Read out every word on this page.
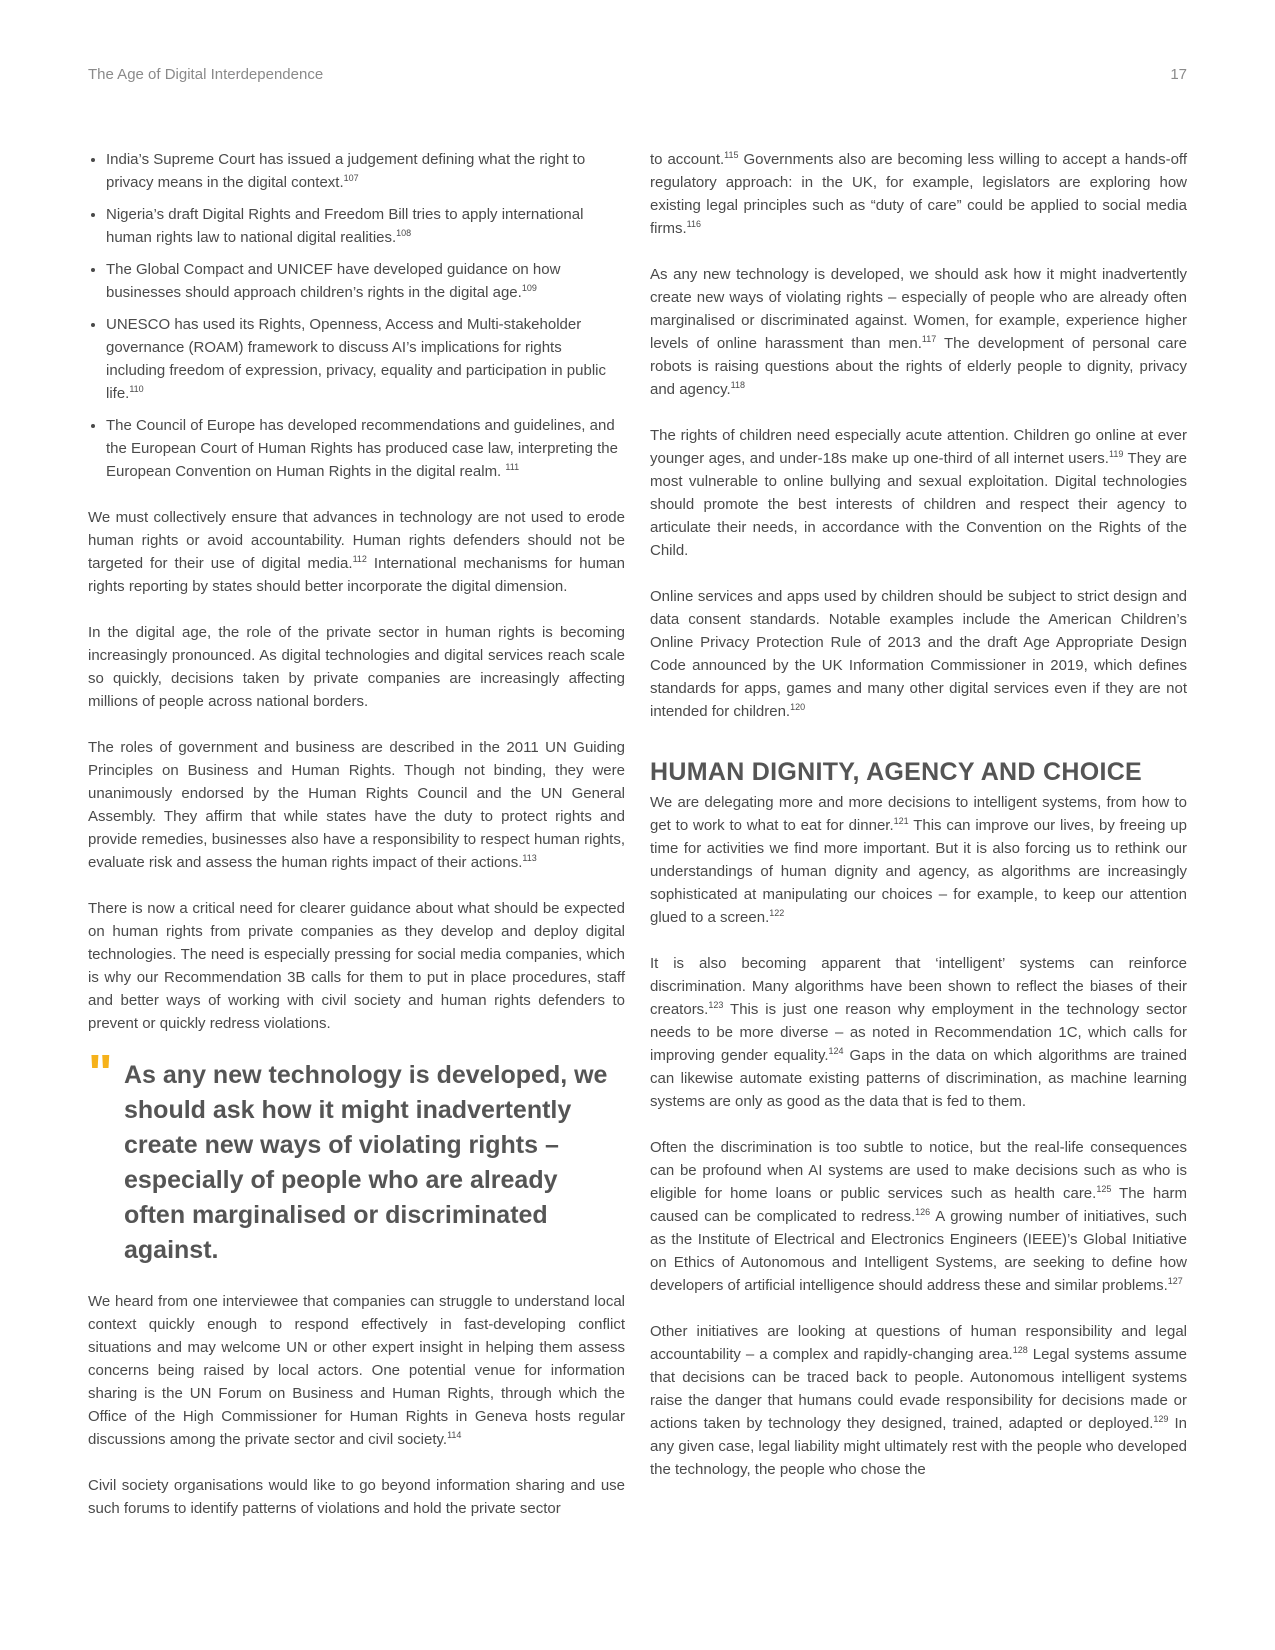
The Age of Digital Interdependence	17
• India’s Supreme Court has issued a judgement defining what the right to privacy means in the digital context.$^{107}$
• Nigeria’s draft Digital Rights and Freedom Bill tries to apply international human rights law to national digital realities.$^{108}$
• The Global Compact and UNICEF have developed guidance on how businesses should approach children’s rights in the digital age.$^{109}$
• UNESCO has used its Rights, Openness, Access and Multi-stakeholder governance (ROAM) framework to discuss AI’s implications for rights including freedom of expression, privacy, equality and participation in public life.$^{110}$
• The Council of Europe has developed recommendations and guidelines, and the European Court of Human Rights has produced case law, interpreting the European Convention on Human Rights in the digital realm. $^{111}$

We must collectively ensure that advances in technology are not used to erode human rights or avoid accountability. Human rights defenders should not be targeted for their use of digital media.$^{112}$ International mechanisms for human rights reporting by states should better incorporate the digital dimension.

In the digital age, the role of the private sector in human rights is becoming increasingly pronounced. As digital technologies and digital services reach scale so quickly, decisions taken by private companies are increasingly affecting millions of people across national borders.

The roles of government and business are described in the 2011 UN Guiding Principles on Business and Human Rights. Though not binding, they were unanimously endorsed by the Human Rights Council and the UN General Assembly. They affirm that while states have the duty to protect rights and provide remedies, businesses also have a responsibility to respect human rights, evaluate risk and assess the human rights impact of their actions.$^{113}$

There is now a critical need for clearer guidance about what should be expected on human rights from private companies as they develop and deploy digital technologies. The need is especially pressing for social media companies, which is why our Recommendation 3B calls for them to put in place procedures, staff and better ways of working with civil society and human rights defenders to prevent or quickly redress violations.

" As any new technology is developed, we should ask how it might inadvertently create new ways of violating rights – especially of people who are already often marginalised or discriminated against.

We heard from one interviewee that companies can struggle to understand local context quickly enough to respond effectively in fast-developing conflict situations and may welcome UN or other expert insight in helping them assess concerns being raised by local actors. One potential venue for information sharing is the UN Forum on Business and Human Rights, through which the Office of the High Commissioner for Human Rights in Geneva hosts regular discussions among the private sector and civil society.$^{114}$

Civil society organisations would like to go beyond information sharing and use such forums to identify patterns of violations and hold the private sector

to account.$^{115}$ Governments also are becoming less willing to accept a hands-off regulatory approach: in the UK, for example, legislators are exploring how existing legal principles such as “duty of care” could be applied to social media firms.$^{116}$

As any new technology is developed, we should ask how it might inadvertently create new ways of violating rights – especially of people who are already often marginalised or discriminated against. Women, for example, experience higher levels of online harassment than men.$^{117}$ The development of personal care robots is raising questions about the rights of elderly people to dignity, privacy and agency.$^{118}$

The rights of children need especially acute attention. Children go online at ever younger ages, and under-18s make up one-third of all internet users.$^{119}$ They are most vulnerable to online bullying and sexual exploitation. Digital technologies should promote the best interests of children and respect their agency to articulate their needs, in accordance with the Convention on the Rights of the Child.

Online services and apps used by children should be subject to strict design and data consent standards. Notable examples include the American Children’s Online Privacy Protection Rule of 2013 and the draft Age Appropriate Design Code announced by the UK Information Commissioner in 2019, which defines standards for apps, games and many other digital services even if they are not intended for children.$^{120}$

HUMAN DIGNITY, AGENCY AND CHOICE

We are delegating more and more decisions to intelligent systems, from how to get to work to what to eat for dinner.$^{121}$ This can improve our lives, by freeing up time for activities we find more important. But it is also forcing us to rethink our understandings of human dignity and agency, as algorithms are increasingly sophisticated at manipulating our choices – for example, to keep our attention glued to a screen.$^{122}$

It is also becoming apparent that ‘intelligent’ systems can reinforce discrimination. Many algorithms have been shown to reflect the biases of their creators.$^{123}$ This is just one reason why employment in the technology sector needs to be more diverse – as noted in Recommendation 1C, which calls for improving gender equality.$^{124}$ Gaps in the data on which algorithms are trained can likewise automate existing patterns of discrimination, as machine learning systems are only as good as the data that is fed to them.

Often the discrimination is too subtle to notice, but the real-life consequences can be profound when AI systems are used to make decisions such as who is eligible for home loans or public services such as health care.$^{125}$ The harm caused can be complicated to redress.$^{126}$ A growing number of initiatives, such as the Institute of Electrical and Electronics Engineers (IEEE)’s Global Initiative on Ethics of Autonomous and Intelligent Systems, are seeking to define how developers of artificial intelligence should address these and similar problems.$^{127}$

Other initiatives are looking at questions of human responsibility and legal accountability – a complex and rapidly-changing area.$^{128}$ Legal systems assume that decisions can be traced back to people. Autonomous intelligent systems raise the danger that humans could evade responsibility for decisions made or actions taken by technology they designed, trained, adapted or deployed.$^{129}$ In any given case, legal liability might ultimately rest with the people who developed the technology, the people who chose the
